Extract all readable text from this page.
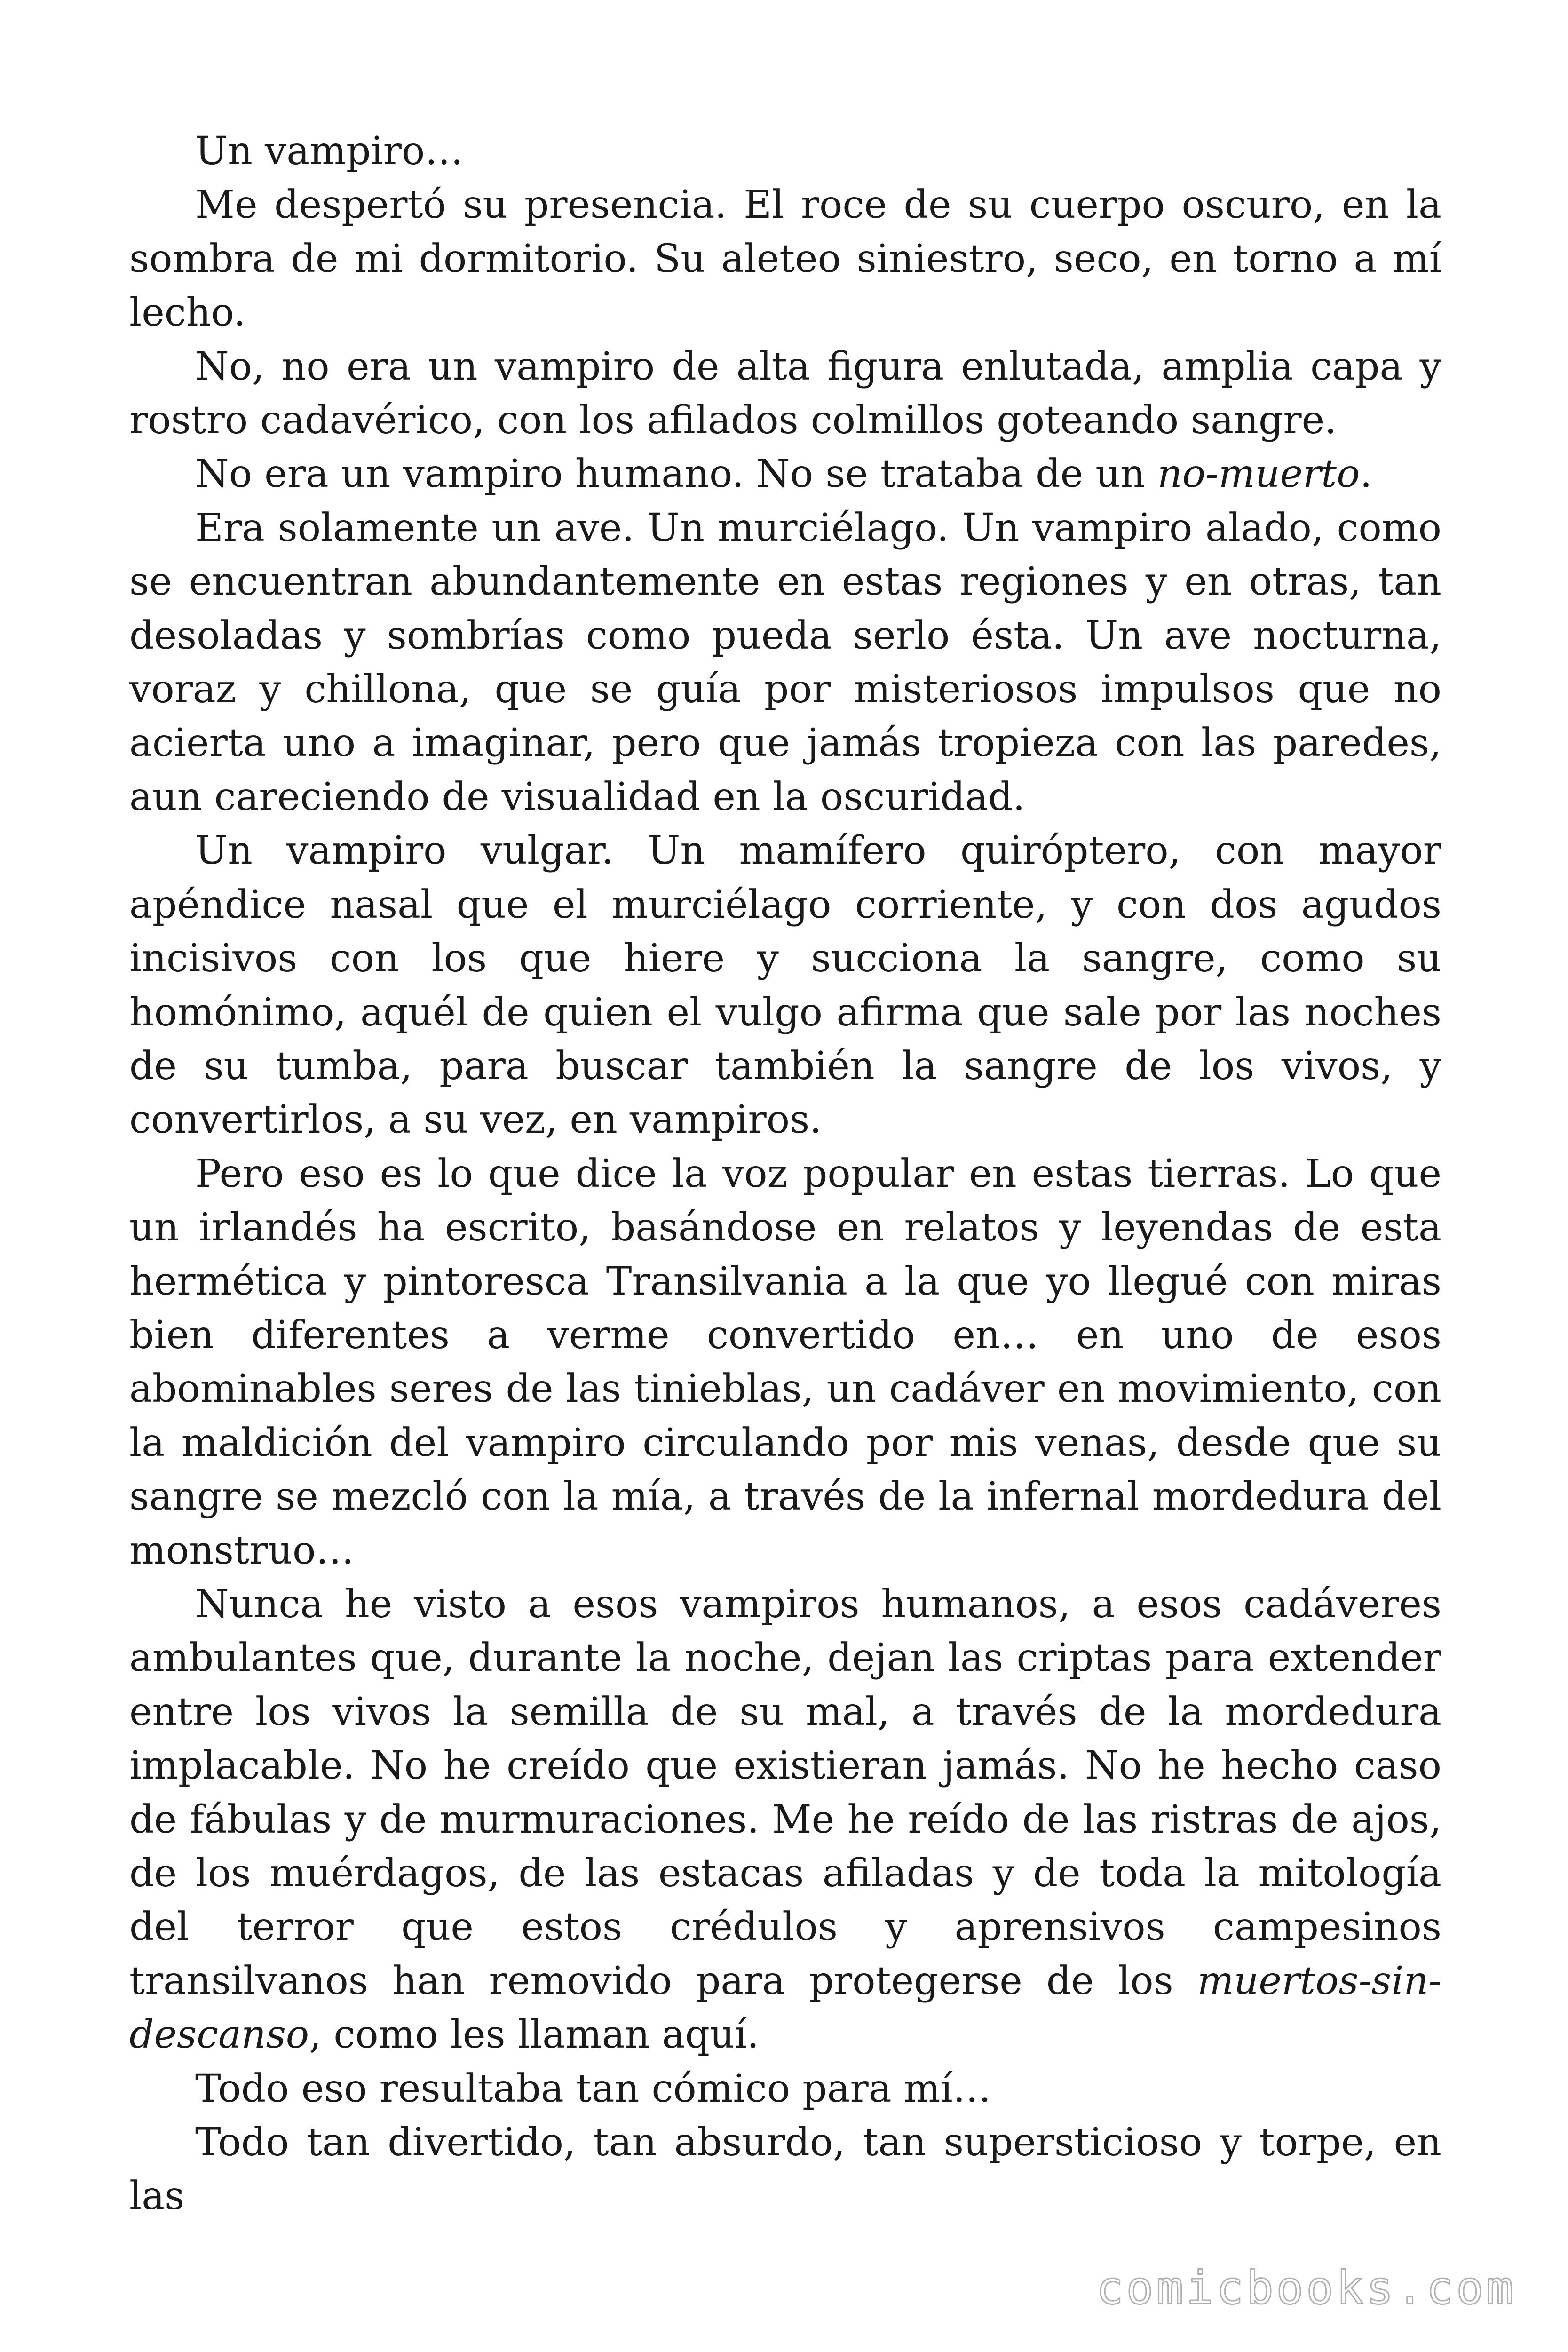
Un vampiro…

Me despertó su presencia. El roce de su cuerpo oscuro, en la sombra de mi dormitorio. Su aleteo siniestro, seco, en torno a mí lecho.

No, no era un vampiro de alta figura enlutada, amplia capa y rostro cadavérico, con los afilados colmillos goteando sangre.

No era un vampiro humano. No se trataba de un no-muerto.

Era solamente un ave. Un murciélago. Un vampiro alado, como se encuentran abundantemente en estas regiones y en otras, tan desoladas y sombrías como pueda serlo ésta. Un ave nocturna, voraz y chillona, que se guía por misteriosos impulsos que no acierta uno a imaginar, pero que jamás tropieza con las paredes, aun careciendo de visualidad en la oscuridad.

Un vampiro vulgar. Un mamífero quiróptero, con mayor apéndice nasal que el murciélago corriente, y con dos agudos incisivos con los que hiere y succiona la sangre, como su homónimo, aquél de quien el vulgo afirma que sale por las noches de su tumba, para buscar también la sangre de los vivos, y convertirlos, a su vez, en vampiros.

Pero eso es lo que dice la voz popular en estas tierras. Lo que un irlandés ha escrito, basándose en relatos y leyendas de esta hermética y pintoresca Transilvania a la que yo llegué con miras bien diferentes a verme convertido en… en uno de esos abominables seres de las tinieblas, un cadáver en movimiento, con la maldición del vampiro circulando por mis venas, desde que su sangre se mezcló con la mía, a través de la infernal mordedura del monstruo…

Nunca he visto a esos vampiros humanos, a esos cadáveres ambulantes que, durante la noche, dejan las criptas para extender entre los vivos la semilla de su mal, a través de la mordedura implacable. No he creído que existieran jamás. No he hecho caso de fábulas y de murmuraciones. Me he reído de las ristras de ajos, de los muérdagos, de las estacas afiladas y de toda la mitología del terror que estos crédulos y aprensivos campesinos transilvanos han removido para protegerse de los muertos-sin-descanso, como les llaman aquí.

Todo eso resultaba tan cómico para mí…

Todo tan divertido, tan absurdo, tan supersticioso y torpe, en las

comicbooks.com
